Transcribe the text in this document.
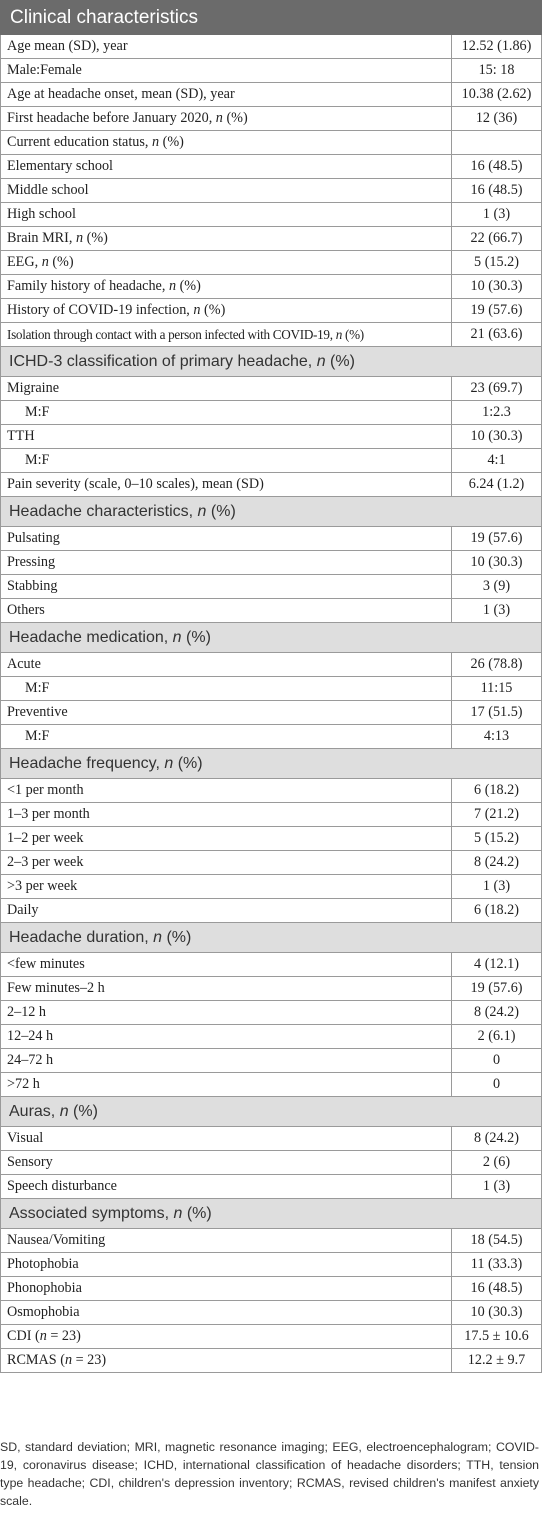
Clinical characteristics	
Age mean (SD), year	12.52 (1.86)
Male:Female	15: 18
Age at headache onset, mean (SD), year	10.38 (2.62)
First headache before January 2020, n (%)	12 (36)
Current education status, n (%)	
Elementary school	16 (48.5)
Middle school	16 (48.5)
High school	1 (3)
Brain MRI, n (%)	22 (66.7)
EEG, n (%)	5 (15.2)
Family history of headache, n (%)	10 (30.3)
History of COVID-19 infection, n (%)	19 (57.6)
Isolation through contact with a person infected with COVID-19, n (%)	21 (63.6)
ICHD-3 classification of primary headache, n (%)	
Migraine	23 (69.7)
M:F	1:2.3
TTH	10 (30.3)
M:F	4:1
Pain severity (scale, 0–10 scales), mean (SD)	6.24 (1.2)
Headache characteristics, n (%)	
Pulsating	19 (57.6)
Pressing	10 (30.3)
Stabbing	3 (9)
Others	1 (3)
Headache medication, n (%)	
Acute	26 (78.8)
M:F	11:15
Preventive	17 (51.5)
M:F	4:13
Headache frequency, n (%)	
<1 per month	6 (18.2)
1–3 per month	7 (21.2)
1–2 per week	5 (15.2)
2–3 per week	8 (24.2)
>3 per week	1 (3)
Daily	6 (18.2)
Headache duration, n (%)	
<few minutes	4 (12.1)
Few minutes–2 h	19 (57.6)
2–12 h	8 (24.2)
12–24 h	2 (6.1)
24–72 h	0
>72 h	0
Auras, n (%)	
Visual	8 (24.2)
Sensory	2 (6)
Speech disturbance	1 (3)
Associated symptoms, n (%)	
Nausea/Vomiting	18 (54.5)
Photophobia	11 (33.3)
Phonophobia	16 (48.5)
Osmophobia	10 (30.3)
CDI (n = 23)	17.5 ± 10.6
RCMAS (n = 23)	12.2 ± 9.7
SD, standard deviation; MRI, magnetic resonance imaging; EEG, electroencephalogram; COVID-19, coronavirus disease; ICHD, international classification of headache disorders; TTH, tension type headache; CDI, children's depression inventory; RCMAS, revised children's manifest anxiety scale.
